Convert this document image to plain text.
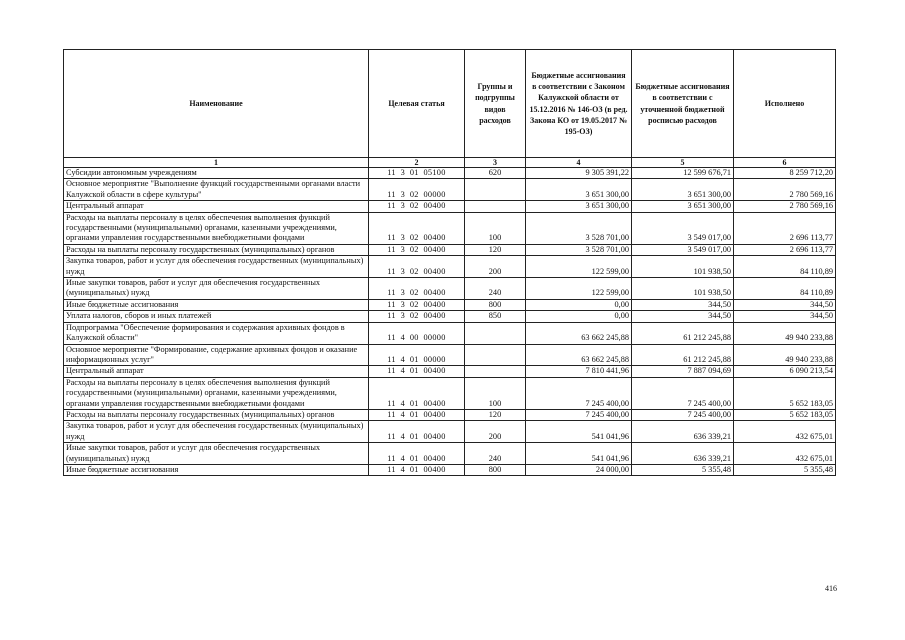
Наименование	Целевая статья	Группы и подгруппы видов расходов	Бюджетные ассигнования в соответствии с Законом Калужской области от 15.12.2016 № 146-ОЗ (в ред. Закона КО от 19.05.2017 № 195-ОЗ)	Бюджетные ассигнования в соответствии с уточненной бюджетной росписью расходов	Исполнено
1	2	3	4	5	6
Субсидии автономным учреждениям	11  3  01  05100	620	9 305 391,22	12 599 676,71	8 259 712,20
Основное мероприятие "Выполнение функций государственными органами власти Калужской области в сфере культуры"	11  3  02  00000		3 651 300,00	3 651 300,00	2 780 569,16
Центральный аппарат	11  3  02  00400		3 651 300,00	3 651 300,00	2 780 569,16
Расходы на выплаты персоналу в целях обеспечения выполнения функций государственными (муниципальными) органами, казенными учреждениями, органами управления государственными внебюджетными фондами	11  3  02  00400	100	3 528 701,00	3 549 017,00	2 696 113,77
Расходы на выплаты персоналу государственных (муниципальных) органов	11  3  02  00400	120	3 528 701,00	3 549 017,00	2 696 113,77
Закупка товаров, работ и услуг для обеспечения государственных (муниципальных) нужд	11  3  02  00400	200	122 599,00	101 938,50	84 110,89
Иные закупки товаров, работ и услуг для обеспечения государственных (муниципальных) нужд	11  3  02  00400	240	122 599,00	101 938,50	84 110,89
Иные бюджетные ассигнования	11  3  02  00400	800	0,00	344,50	344,50
Уплата налогов, сборов и иных платежей	11  3  02  00400	850	0,00	344,50	344,50
Подпрограмма "Обеспечение формирования и содержания архивных фондов в Калужской области"	11  4  00  00000		63 662 245,88	61 212 245,88	49 940 233,88
Основное мероприятие "Формирование, содержание архивных фондов и оказание информационных услуг"	11  4  01  00000		63 662 245,88	61 212 245,88	49 940 233,88
Центральный аппарат	11  4  01  00400		7 810 441,96	7 887 094,69	6 090 213,54
Расходы на выплаты персоналу в целях обеспечения выполнения функций государственными (муниципальными) органами, казенными учреждениями, органами управления государственными внебюджетными фондами	11  4  01  00400	100	7 245 400,00	7 245 400,00	5 652 183,05
Расходы на выплаты персоналу государственных (муниципальных) органов	11  4  01  00400	120	7 245 400,00	7 245 400,00	5 652 183,05
Закупка товаров, работ и услуг для обеспечения государственных (муниципальных) нужд	11  4  01  00400	200	541 041,96	636 339,21	432 675,01
Иные закупки товаров, работ и услуг для обеспечения государственных (муниципальных) нужд	11  4  01  00400	240	541 041,96	636 339,21	432 675,01
Иные бюджетные ассигнования	11  4  01  00400	800	24 000,00	5 355,48	5 355,48
416
